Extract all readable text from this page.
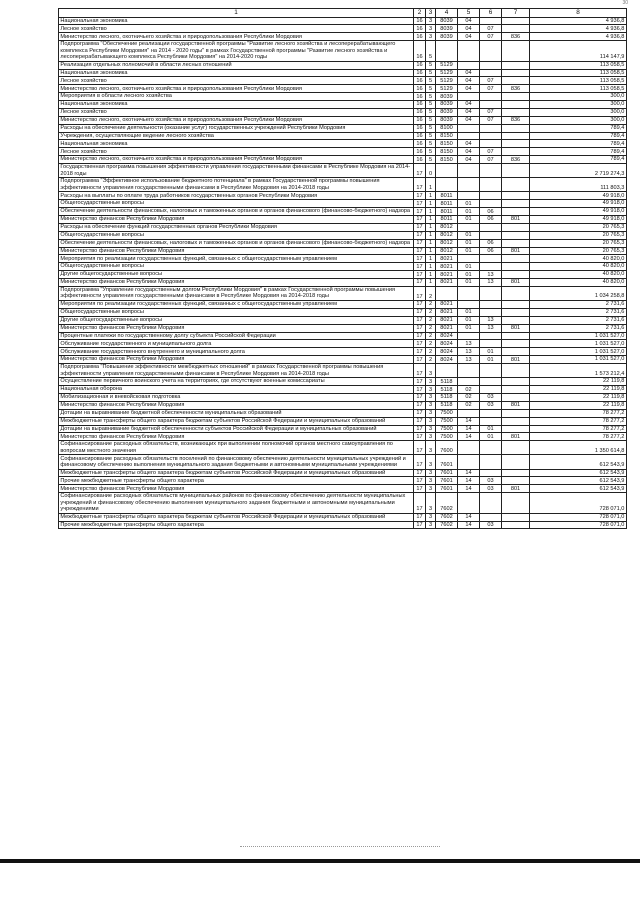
30
1	2	3	4	5	6	7	8
Национальная экономика	16	3	8039	04			4 936,8
Лесное хозяйство	16	3	8039	04	07		4 936,8
Министерство лесного, охотничьего хозяйства и природопользования Республики Мордовия	16	3	8039	04	07	836	4 936,8
Подпрограмма "Обеспечение реализации государственной программы "Развитие лесного хозяйства и лесоперерабатывающего комплекса Республики Мордовия" на 2014 - 2020 годы" в рамках Государственной программы "Развитие лесного хозяйства и лесоперерабатывающего комплекса Республики Мордовия" на 2014-2020 годы	16	5					114 147,9
Реализация отдельных полномочий в области лесных отношений	16	5	5129				113 058,5
Национальная экономика	16	5	5129	04			113 058,5
Лесное хозяйство	16	5	5129	04	07		113 058,5
Министерство лесного, охотничьего хозяйства и природопользования Республики Мордовия	16	5	5129	04	07	836	113 058,5
Мероприятия в области лесного хозяйства	16	5	8039				300,0
Национальная экономика	16	5	8039	04			300,0
Лесное хозяйство	16	5	8039	04	07		300,0
Министерство лесного, охотничьего хозяйства и природопользования Республики Мордовия	16	5	8039	04	07	836	300,0
Расходы на обеспечение деятельности (оказание услуг) государственных учреждений Республики Мордовия	16	5	8100				789,4
Учреждения, осуществляющие ведение лесного хозяйства	16	5	8150				789,4
Национальная экономика	16	5	8150	04			789,4
Лесное хозяйство	16	5	8150	04	07		789,4
Министерство лесного, охотничьего хозяйства и природопользования Республики Мордовия	16	5	8150	04	07	836	789,4
Государственная программа повышения эффективности управления государственными финансами в Республике Мордовия на 2014-2018 годы	17	0					2 719 274,3
Подпрограмма "Эффективное использование бюджетного потенциала" в рамках Государственной программы повышения эффективности управления государственными финансами в Республике Мордовия на 2014-2018 годы	17	1					111 803,3
Расходы на выплаты по оплате труда работников государственных органов Республики Мордовия	17	1	8011				49 918,0
Общегосударственные вопросы	17	1	8011	01			49 918,0
Обеспечение деятельности финансовых, налоговых и таможенных органов и органов финансового (финансово-бюджетного) надзора	17	1	8011	01	06		49 918,0
Министерство финансов Республики Мордовия	17	1	8011	01	06	801	49 918,0
Расходы на обеспечение функций государственных органов Республики Мордовия	17	1	8012				20 765,3
Общегосударственные вопросы	17	1	8012	01			20 765,3
Обеспечение деятельности финансовых, налоговых и таможенных органов и органов финансового (финансово-бюджетного) надзора	17	1	8012	01	06		20 765,3
Министерство финансов Республики Мордовия	17	1	8012	01	06	801	20 765,3
Мероприятия по реализации государственных функций, связанных с общегосударственным управлением	17	1	8021				40 820,0
Общегосударственные вопросы	17	1	8021	01			40 820,0
Другие общегосударственные вопросы	17	1	8021	01	13		40 820,0
Министерство финансов Республики Мордовия	17	1	8021	01	13	801	40 820,0
Подпрограмма "Управление государственным долгом Республики Мордовия" в рамках Государственной программы повышения эффективности управления государственными финансами в Республике Мордовия на 2014-2018 годы	17	2					1 034 258,8
Мероприятия по реализации государственных функций, связанных с общегосударственным управлением	17	2	8021				2 731,6
Общегосударственные вопросы	17	2	8021	01			2 731,6
Другие общегосударственные вопросы	17	2	8021	01	13		2 731,6
Министерство финансов Республики Мордовия	17	2	8021	01	13	801	2 731,6
Процентные платежи по государственному долгу субъекта Российской Федерации	17	2	8024				1 031 527,0
Обслуживание государственного и муниципального долга	17	2	8024	13			1 031 527,0
Обслуживание государственного внутреннего и муниципального долга	17	2	8024	13	01		1 031 527,0
Министерство финансов Республики Мордовия	17	2	8024	13	01	801	1 031 527,0
Подпрограмма "Повышение эффективности межбюджетных отношений" в рамках Государственной программы повышения эффективности управления государственными финансами в Республике Мордовия на 2014-2018 годы	17	3					1 573 212,4
Осуществление первичного воинского учета на территориях, где отсутствуют военные комиссариаты	17	3	5118				22 119,8
Национальная оборона	17	3	5118	02			22 119,8
Мобилизационная и вневойсковая подготовка	17	3	5118	02	03		22 119,8
Министерство финансов Республики Мордовия	17	3	5118	02	03	801	22 119,8
Дотации на выравнивание бюджетной обеспеченности муниципальных образований	17	3	7500				78 277,2
Межбюджетные трансферты общего характера бюджетам субъектов Российской Федерации и муниципальных образований	17	3	7500	14			78 277,2
Дотации на выравнивание бюджетной обеспеченности субъектов Российской Федерации и муниципальных образований	17	3	7500	14	01		78 277,2
Министерство финансов Республики Мордовия	17	3	7500	14	01	801	78 277,2
Софинансирование расходных обязательств, возникающих при выполнении полномочий органов местного самоуправления по вопросам местного значения	17	3	7600				1 350 614,8
Софинансирование расходных обязательств поселений по финансовому обеспечению деятельности муниципальных учреждений и финансовому обеспечению выполнения муниципального задания бюджетными и автономными муниципальными учреждениями	17	3	7601				612 543,9
Межбюджетные трансферты общего характера бюджетам субъектов Российской Федерации и муниципальных образований	17	3	7601	14			612 543,9
Прочие межбюджетные трансферты общего характера	17	3	7601	14	03		612 543,9
Министерство финансов Республики Мордовия	17	3	7601	14	03	801	612 543,9
Софинансирование расходных обязательств муниципальных районов по финансовому обеспечению деятельности муниципальных учреждений и финансовому обеспечению выполнения муниципального задания бюджетными и автономными муниципальными учреждениями	17	3	7602				728 071,0
Межбюджетные трансферты общего характера бюджетам субъектов Российской Федерации и муниципальных образований	17	3	7602	14			728 071,0
Прочие межбюджетные трансферты общего характера	17	3	7602	14	03		728 071,0
